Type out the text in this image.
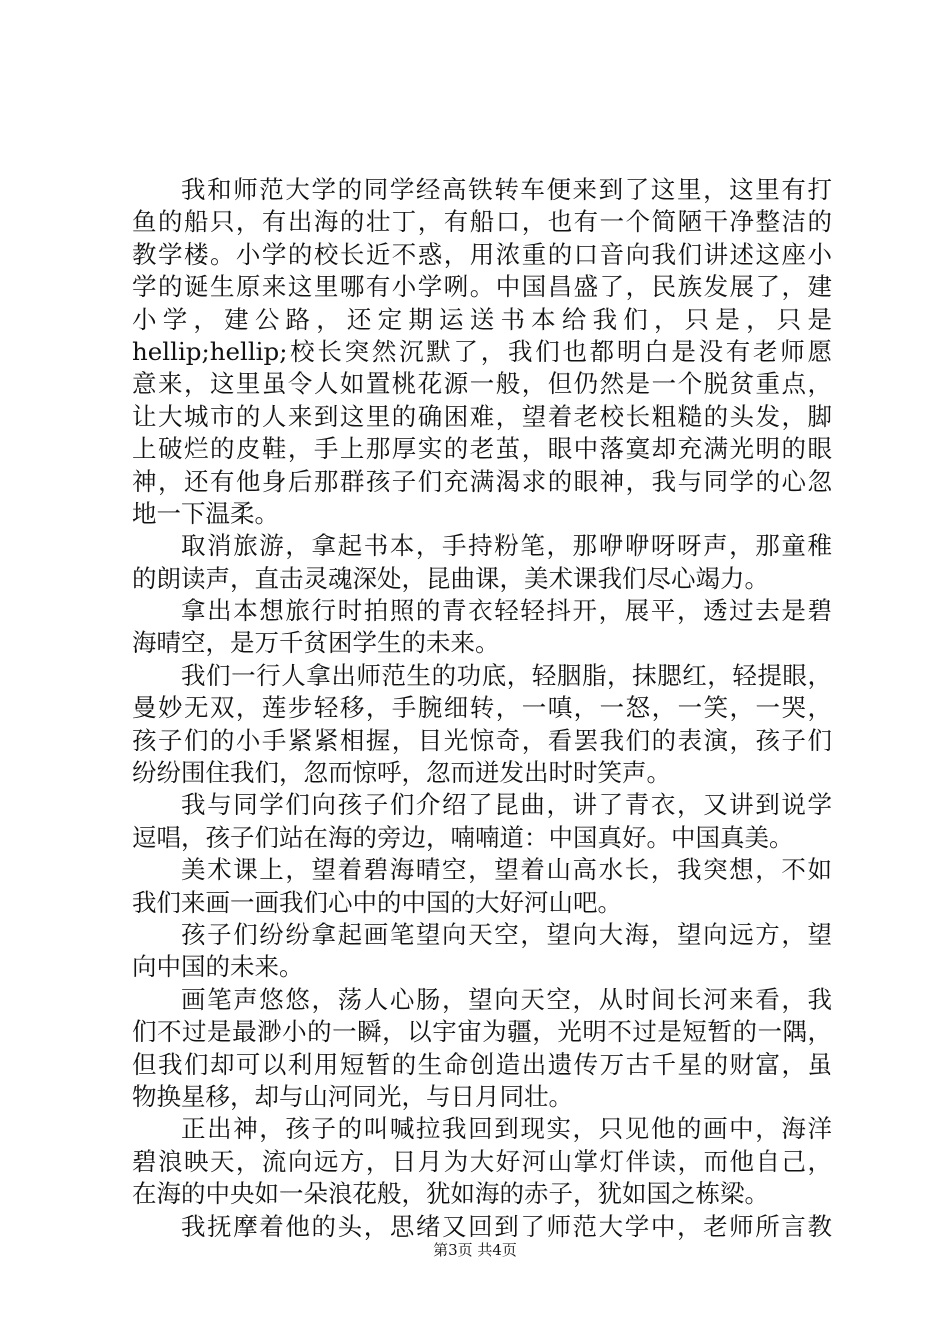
我和师范大学的同学经高铁转车便来到了这里，这里有打
鱼的船只，有出海的壮丁，有船口，也有一个简陋干净整洁的
教学楼。小学的校长近不惑，用浓重的口音向我们讲述这座小
学的诞生原来这里哪有小学咧。中国昌盛了，民族发展了，建
小学，建公路，还定期运送书本给我们，只是，只是
hellip;hellip;校长突然沉默了，我们也都明白是没有老师愿
意来，这里虽令人如置桃花源一般，但仍然是一个脱贫重点，
让大城市的人来到这里的确困难，望着老校长粗糙的头发，脚
上破烂的皮鞋，手上那厚实的老茧，眼中落寞却充满光明的眼
神，还有他身后那群孩子们充满渴求的眼神，我与同学的心忽
地一下温柔。
取消旅游，拿起书本，手持粉笔，那咿咿呀呀声，那童稚
的朗读声，直击灵魂深处，昆曲课，美术课我们尽心竭力。
拿出本想旅行时拍照的青衣轻轻抖开，展平，透过去是碧
海晴空，是万千贫困学生的未来。
我们一行人拿出师范生的功底，轻胭脂，抹腮红，轻提眼，
曼妙无双，莲步轻移，手腕细转，一嗔，一怒，一笑，一哭，
孩子们的小手紧紧相握，目光惊奇，看罢我们的表演，孩子们
纷纷围住我们，忽而惊呼，忽而迸发出时时笑声。
我与同学们向孩子们介绍了昆曲，讲了青衣，又讲到说学
逗唱，孩子们站在海的旁边，喃喃道：中国真好。中国真美。
美术课上，望着碧海晴空，望着山高水长，我突想，不如
我们来画一画我们心中的中国的大好河山吧。
孩子们纷纷拿起画笔望向天空，望向大海，望向远方，望
向中国的未来。
画笔声悠悠，荡人心肠，望向天空，从时间长河来看，我
们不过是最渺小的一瞬，以宇宙为疆，光明不过是短暂的一隅，
但我们却可以利用短暂的生命创造出遗传万古千星的财富，虽
物换星移，却与山河同光，与日月同壮。
正出神，孩子的叫喊拉我回到现实，只见他的画中，海洋
碧浪映天，流向远方，日月为大好河山掌灯伴读，而他自己，
在海的中央如一朵浪花般，犹如海的赤子，犹如国之栋梁。
我抚摩着他的头，思绪又回到了师范大学中，老师所言教
第3页 共4页
